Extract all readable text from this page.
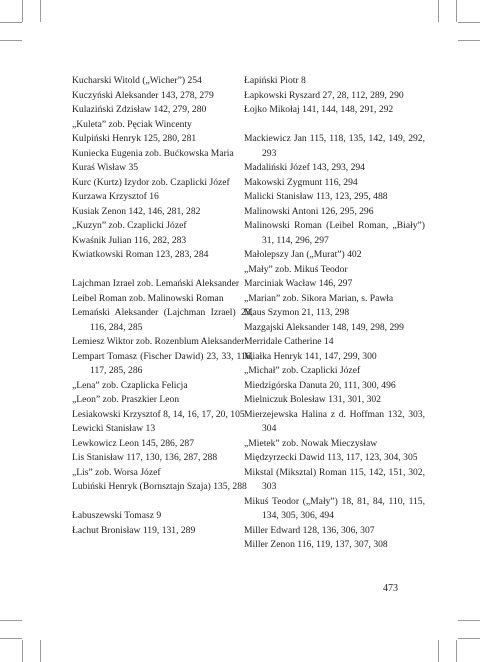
Kucharski Witold („Wicher”) 254
Kuczyński Aleksander 143, 278, 279
Kulaziński Zdzisław 142, 279, 280
„Kuleta” zob. Pęciak Wincenty
Kulpiński Henryk 125, 280, 281
Kuniecka Eugenia zob. Bućkowska Maria
Kuraś Wisław 35
Kurc (Kurtz) Izydor zob. Czaplicki Józef
Kurzawa Krzysztof 16
Kusiak Zenon 142, 146, 281, 282
„Kuzyn” zob. Czaplicki Józef
Kwaśnik Julian 116, 282, 283
Kwiatkowski Roman 123, 283, 284
Lajchman Izrael zob. Lemański Aleksander
Leibel Roman zob. Malinowski Roman
Lemański Aleksander (Lajchman Izrael) 23, 116, 284, 285
Lemiesz Wiktor zob. Rozenblum Aleksander
Lempart Tomasz (Fischer Dawid) 23, 33, 116, 117, 285, 286
„Lena” zob. Czaplicka Felicja
„Leon” zob. Praszkier Leon
Lesiakowski Krzysztof 8, 14, 16, 17, 20, 105
Lewicki Stanisław 13
Lewkowicz Leon 145, 286, 287
Lis Stanisław 117, 130, 136, 287, 288
„Lis” zob. Worsa Józef
Lubiński Henryk (Bornsztajn Szaja) 135, 288
Łabuszewski Tomasz 9
Łachut Bronisław 119, 131, 289
Łapiński Piotr 8
Łapkowski Ryszard 27, 28, 112, 289, 290
Łojko Mikołaj 141, 144, 148, 291, 292
Mackiewicz Jan 115, 118, 135, 142, 149, 292, 293
Madaliński Józef 143, 293, 294
Makowski Zygmunt 116, 294
Malicki Stanisław 113, 123, 295, 488
Malinowski Antoni 126, 295, 296
Malinowski Roman (Leibel Roman, „Biały”) 31, 114, 296, 297
Małolepszy Jan („Murat”) 402
„Mały” zob. Mikuś Teodor
Marciniak Wacław 146, 297
„Marian” zob. Sikora Marian, s. Pawła
Maus Szymon 21, 113, 298
Mazgajski Aleksander 148, 149, 298, 299
Merridale Catherine 14
Miałka Henryk 141, 147, 299, 300
„Michał” zob. Czaplicki Józef
Miedzigórska Danuta 20, 111, 300, 496
Mielniczuk Bolesław 131, 301, 302
Mierzejewska Halina z d. Hoffman 132, 303, 304
„Mietek” zob. Nowak Mieczysław
Międzyrzecki Dawid 113, 117, 123, 304, 305
Mikstal (Miksztal) Roman 115, 142, 151, 302, 303
Mikuś Teodor („Mały”) 18, 81, 84, 110, 115, 134, 305, 306, 494
Miller Edward 128, 136, 306, 307
Miller Zenon 116, 119, 137, 307, 308
473
